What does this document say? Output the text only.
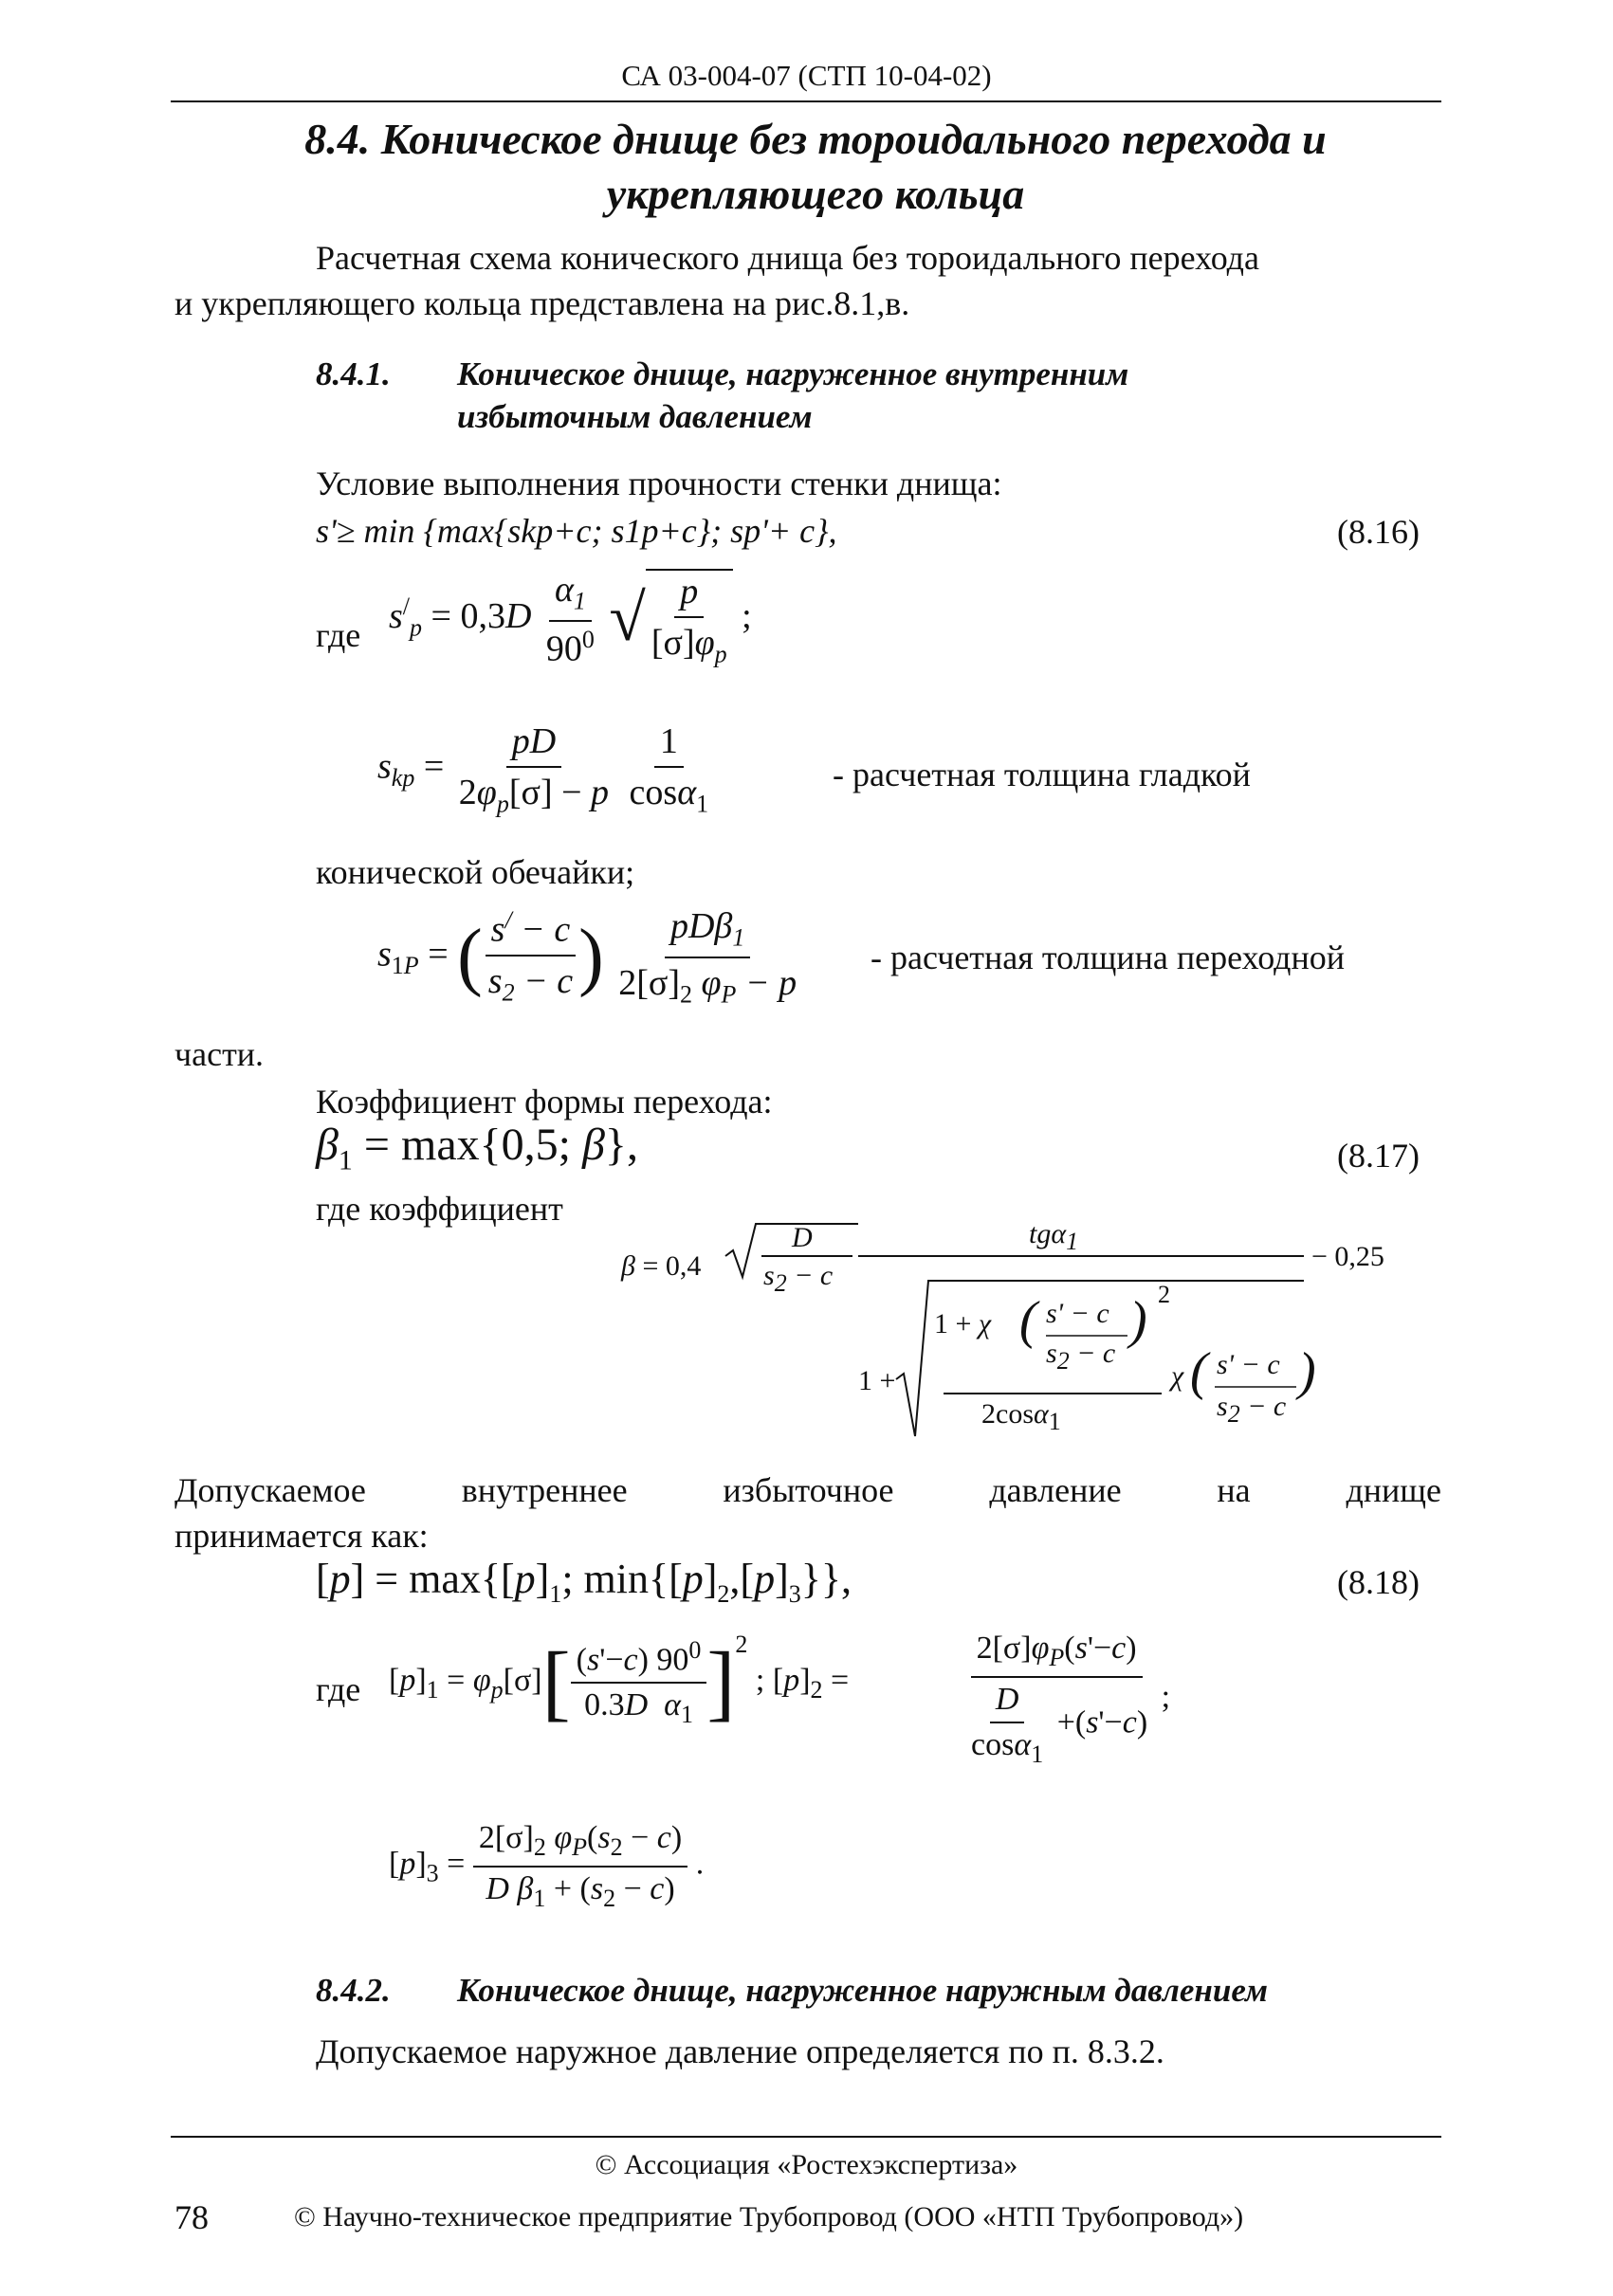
СА 03-004-07 (СТП 10-04-02)
8.4. Коническое днище без тороидального перехода и
укрепляющего кольца
Расчетная схема конического днища без тороидального перехода
и укрепляющего кольца представлена на рис.8.1,в.
8.4.1. Коническое днище, нагруженное внутренним
избыточным давлением
Условие выполнения прочности стенки днища:
s'≥ min {max{skp+c; s1p+c}; sp'+ c},	(8.16)
где $s^/_p = 0,3D \frac{\alpha_1}{90^0}$ √ $\frac{p}{[\sigma]\varphi_p}$ ;
$s_{kp} = \frac{pD}{2\varphi_p[\sigma] - p}$
$\frac{1}{\cos\alpha_1}$	- расчетная толщина гладкой
конической обечайки;
$s_{1P}$ = ( $\frac{s^/ - c}{s_2 - c}$ ) $\frac{pD\beta_1}{2[\sigma]_2 \varphi_P - p}$ - расчетная толщина переходной
части.
Коэффициент формы перехода:
$\beta_1 = \max\{0,5$; β},	(8.17)
где коэффициент
β = 0,4
D
$s_2 - c$
tgα$_1$	− 0,25
1 +
1 + χ ( s' − c
$s_2 - c$
) 2
2cosα$_1$
χ ( s' − c
$s_2 - c$
)
Допускаемое	внутреннее	избыточное	давление	на	днище
принимается как:
$[p] = \max\{[p]_1$; $\min\{[p]_2,[p]_3\}$},	(8.18)
где $[p]_1 = \varphi_p[\sigma][ \frac{(s'-c) 90^0}{0.3D \alpha_1} ]^2$ ; $[p]_2$ =	$\frac{2[\sigma]\varphi_P(s'-c)}{\frac{D}{\cos\alpha_1} +(s'-c)}$ ;
$[p]_3 = \frac{2[\sigma]_2 \varphi_P(s_2 - c)}{D \beta_1 + (s_2 - c)}$ .
8.4.2. Коническое днище, нагруженное наружным давлением
Допускаемое наружное давление определяется по п. 8.3.2.
© Ассоциация «Ростехэкспертиза»
78	© Научно-техническое предприятие Трубопровод (ООО «НТП Трубопровод»)
